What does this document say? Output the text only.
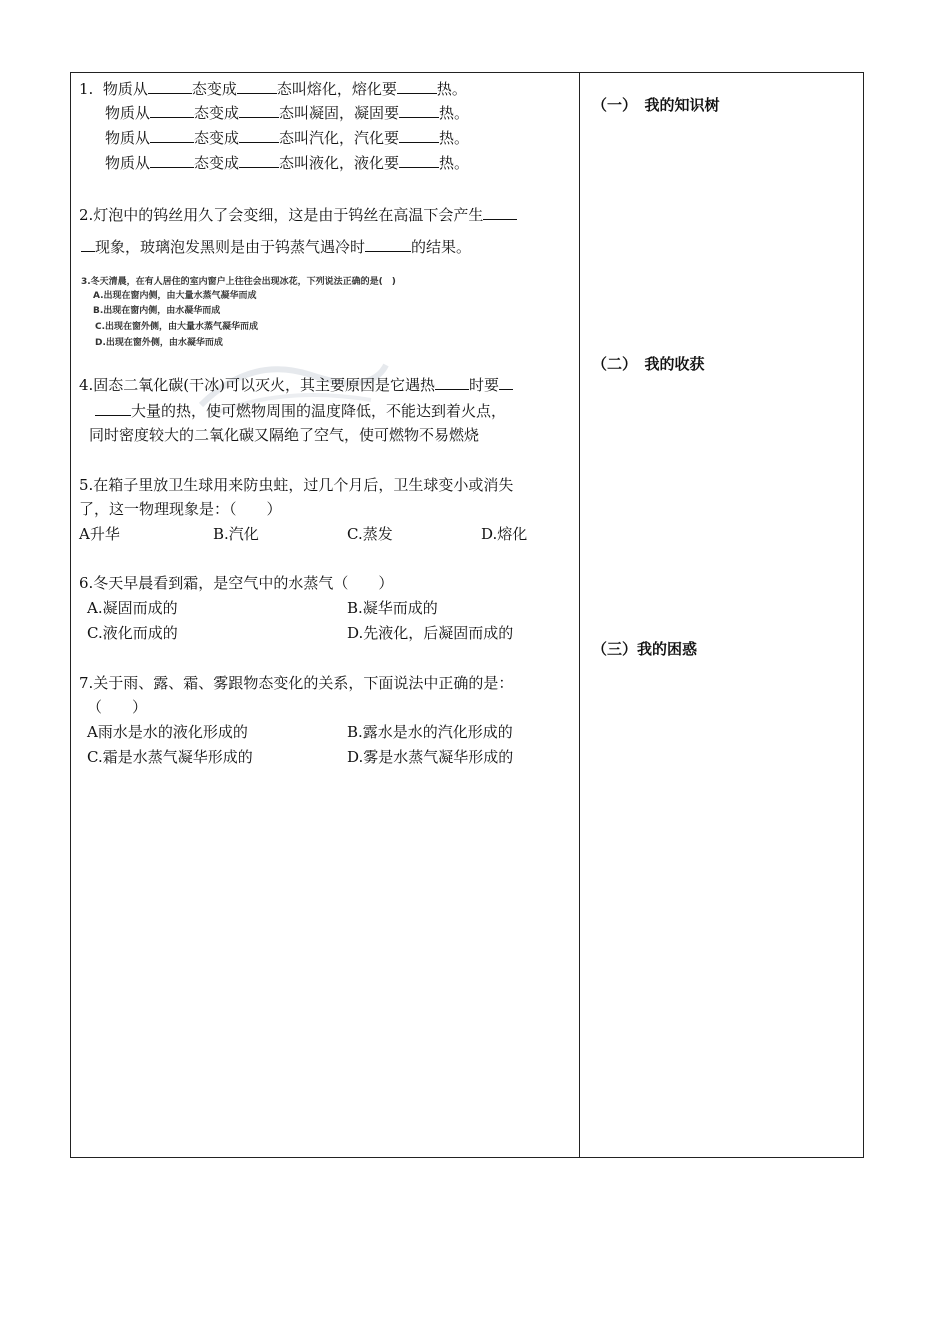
1. 物质从	态变成	态叫熔化，熔化要	热。
物质从	态变成	态叫凝固，凝固要	热。
物质从	态变成	态叫汽化，汽化要	热。
物质从	态变成	态叫液化，液化要	热。
2.灯泡中的钨丝用久了会变细，这是由于钨丝在高温下会产生
现象，玻璃泡发黑则是由于钨蒸气遇冷时	的结果。
3.冬天清晨，在有人居住的室内窗户上往往会出现冰花，下列说法正确的是(　)
A.出现在窗内侧，由大量水蒸气凝华而成
B.出现在窗内侧，由水凝华而成
C.出现在窗外侧，由大量水蒸气凝华而成
D.出现在窗外侧，由水凝华而成
4.固态二氧化碳(干冰)可以灭火，其主要原因是它遇热 时要
大量的热，使可燃物周围的温度降低，不能达到着火点，
同时密度较大的二氧化碳又隔绝了空气，使可燃物不易燃烧
5.在箱子里放卫生球用来防虫蛀，过几个月后，卫生球变小或消失
了，这一物理现象是：（　　）
A升华	B.汽化	C.蒸发	D.熔化
6.冬天早晨看到霜，是空气中的水蒸气（　　）
A.凝固而成的	B.凝华而成的
C.液化而成的	D.先液化，后凝固而成的
7.关于雨、露、霜、雾跟物态变化的关系，下面说法中正确的是：
（　　）
A雨水是水的液化形成的	B.露水是水的汽化形成的
C.霜是水蒸气凝华形成的	D.雾是水蒸气凝华形成的
（一）　我的知识树
（二）　我的收获
（三）我的困惑
